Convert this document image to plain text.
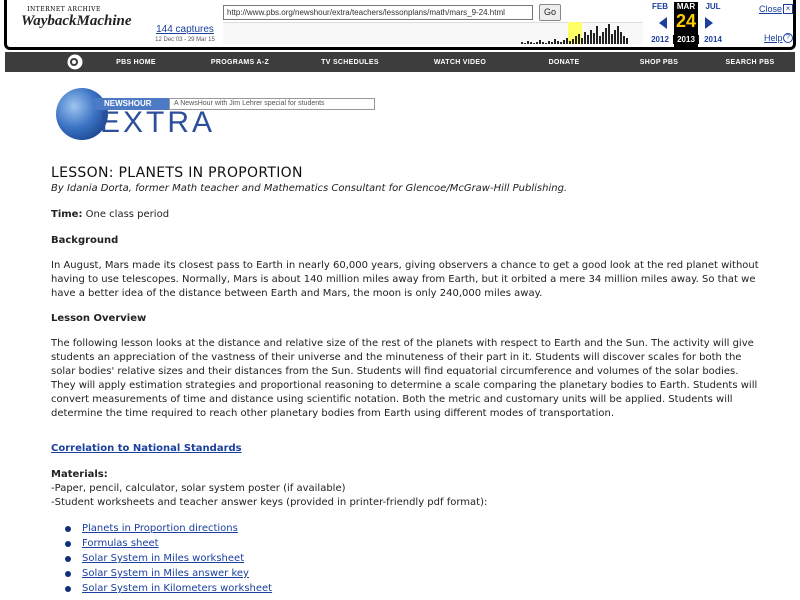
INTERNET ARCHIVE
WaybackMachine
http://www.pbs.org/newshour/extra/teachers/lessonplans/math/mars_9-24.html	Go
144 captures
12 Dec 03 - 29 Mar 15
FEB	MAR	JUL
24
2012	2013	2014
Close ×
Help ?
PBS HOME	PROGRAMS A-Z	TV SCHEDULES	WATCH VIDEO	DONATE	SHOP PBS	SEARCH PBS
NEWSHOUR	A NewsHour with Jim Lehrer special for students
EXTRA
LESSON: PLANETS IN PROPORTION
By Idania Dorta, former Math teacher and Mathematics Consultant for Glencoe/McGraw-Hill Publishing.
Time: One class period
Background
In August, Mars made its closest pass to Earth in nearly 60,000 years, giving observers a chance to get a good look at the red planet without having to use telescopes. Normally, Mars is about 140 million miles away from Earth, but it orbited a mere 34 million miles away. So that we have a better idea of the distance between Earth and Mars, the moon is only 240,000 miles away.
Lesson Overview
The following lesson looks at the distance and relative size of the rest of the planets with respect to Earth and the Sun. The activity will give students an appreciation of the vastness of their universe and the minuteness of their part in it. Students will discover scales for both the solar bodies' relative sizes and their distances from the Sun. Students will find equatorial circumference and volumes of the solar bodies. They will apply estimation strategies and proportional reasoning to determine a scale comparing the planetary bodies to Earth. Students will convert measurements of time and distance using scientific notation. Both the metric and customary units will be applied. Students will determine the time required to reach other planetary bodies from Earth using different modes of transportation.
Correlation to National Standards
Materials:
-Paper, pencil, calculator, solar system poster (if available)
-Student worksheets and teacher answer keys (provided in printer-friendly pdf format):
Planets in Proportion directions
Formulas sheet
Solar System in Miles worksheet
Solar System in Miles answer key
Solar System in Kilometers worksheet
